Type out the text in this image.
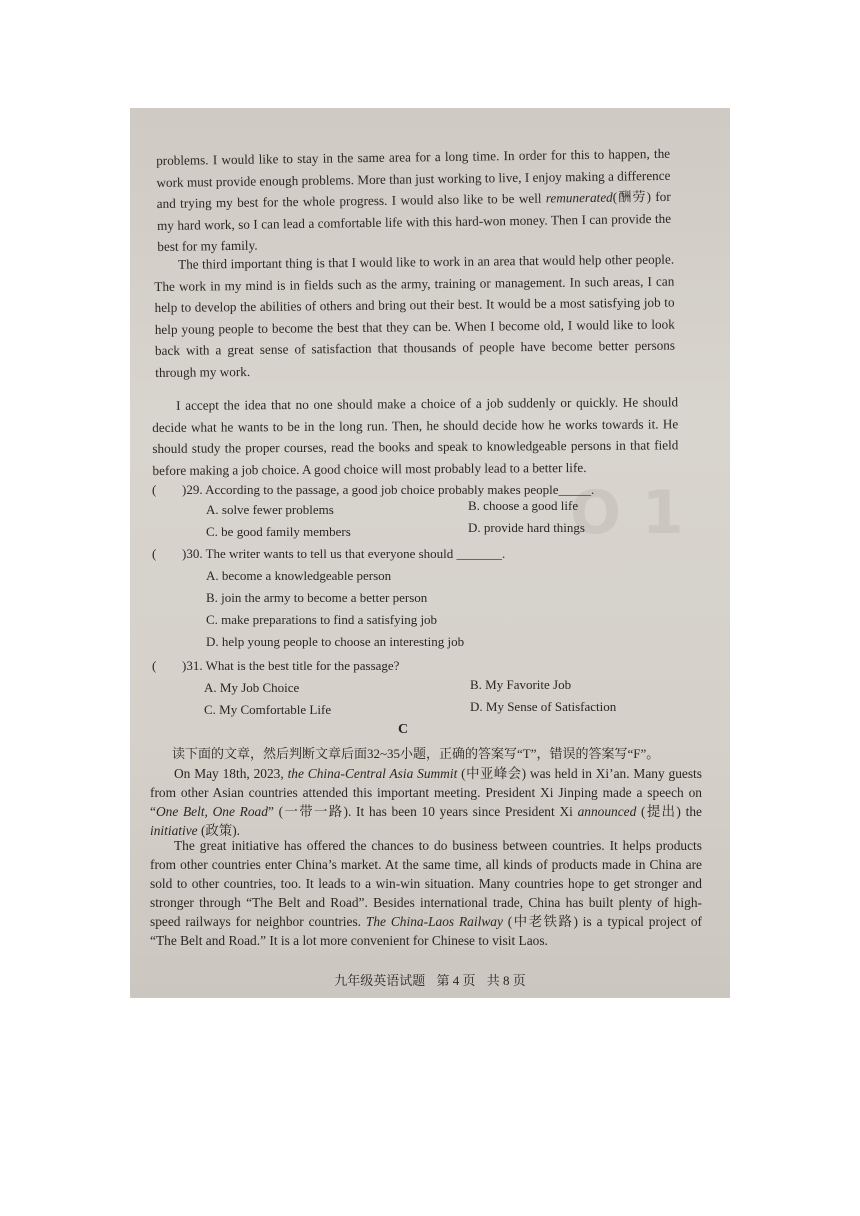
O 1

problems. I would like to stay in the same area for a long time. In order for this to happen, the work must provide enough problems. More than just working to live, I enjoy making a difference and trying my best for the whole progress. I would also like to be well remunerated(酬劳) for my hard work, so I can lead a comfortable life with this hard-won money. Then I can provide the best for my family.

The third important thing is that I would like to work in an area that would help other people. The work in my mind is in fields such as the army, training or management. In such areas, I can help to develop the abilities of others and bring out their best. It would be a most satisfying job to help young people to become the best that they can be. When I become old, I would like to look back with a great sense of satisfaction that thousands of people have become better persons through my work.

I accept the idea that no one should make a choice of a job suddenly or quickly. He should decide what he wants to be in the long run. Then, he should decide how he works towards it. He should study the proper courses, read the books and speak to knowledgeable persons in that field before making a job choice. A good choice will most probably lead to a better life.

( )29. According to the passage, a good job choice probably makes people_____.
A. solve fewer problems	B. choose a good life
C. be good family members	D. provide hard things
( )30. The writer wants to tell us that everyone should _______.
A. become a knowledgeable person
B. join the army to become a better person
C. make preparations to find a satisfying job
D. help young people to choose an interesting job
( )31. What is the best title for the passage?
A. My Job Choice	B. My Favorite Job
C. My Comfortable Life	D. My Sense of Satisfaction
C
读下面的文章，然后判断文章后面32~35小题，正确的答案写“T”，错误的答案写“F”。

On May 18th, 2023, the China-Central Asia Summit (中亚峰会) was held in Xi’an. Many guests from other Asian countries attended this important meeting. President Xi Jinping made a speech on “One Belt, One Road” (一带一路). It has been 10 years since President Xi announced (提出) the initiative (政策).

The great initiative has offered the chances to do business between countries. It helps products from other countries enter China’s market. At the same time, all kinds of products made in China are sold to other countries, too. It leads to a win-win situation. Many countries hope to get stronger and stronger through “The Belt and Road”. Besides international trade, China has built plenty of high-speed railways for neighbor countries. The China-Laos Railway (中老铁路) is a typical project of “The Belt and Road.” It is a lot more convenient for Chinese to visit Laos.

九年级英语试题 第 4 页 共 8 页
